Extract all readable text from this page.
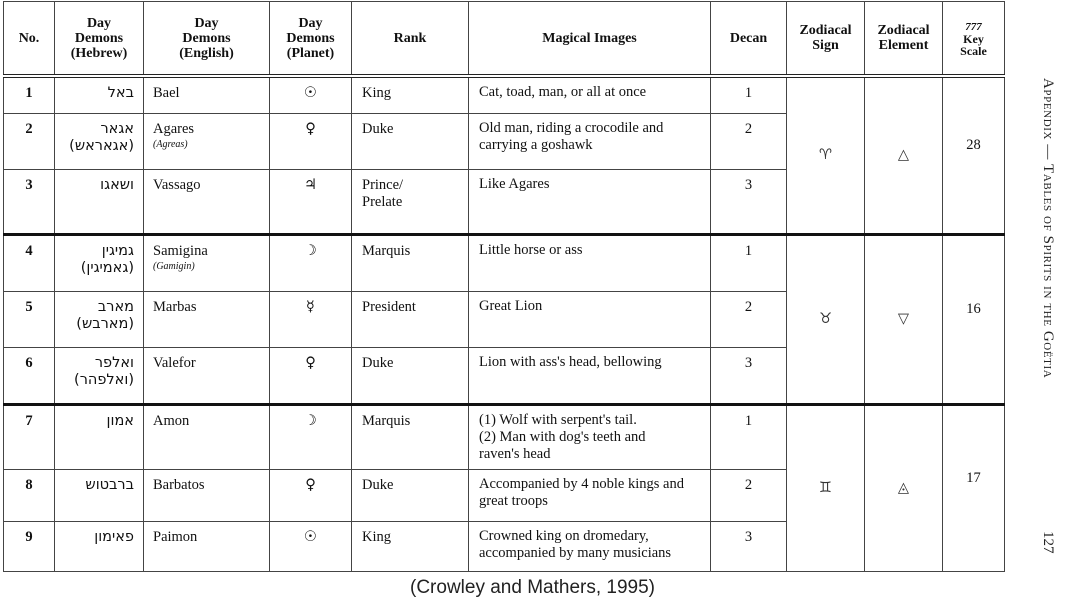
No.	Day
Demons
(Hebrew)	Day
Demons
(English)	Day
Demons
(Planet)	Rank	Magical Images	Decan	Zodiacal
Sign	Zodiacal
Element	777
Key
Scale
1	באל	Bael	☉	King	Cat, toad, man, or all at once	1	♈	△	28
2	אגאר
(אגאראש)	Agares
(Agreas)	♀	Duke	Old man, riding a crocodile and
carrying a goshawk	2			
3	ושאגו	Vassago	♃	Prince/
Prelate	Like Agares	3			
4	גמיגין
(גאמיגין)	Samigina
(Gamigin)	☽	Marquis	Little horse or ass	1	♉	▽	16
5	מארב
(מארבש)	Marbas	☿	President	Great Lion	2			
6	ואלפר
(ואלפהר)	Valefor	♀	Duke	Lion with ass's head, bellowing	3			
7	אמון	Amon	☽	Marquis	(1) Wolf with serpent's tail.
(2) Man with dog's teeth and
raven's head	1	♊	◬	17
8	ברבטוש	Barbatos	♀	Duke	Accompanied by 4 noble kings and
great troops	2			
9	פאימון	Paimon	☉	King	Crowned king on dromedary,
accompanied by many musicians	3			
Appendix — Tables of Spirits in the Goëtia
127
(Crowley and Mathers, 1995)
